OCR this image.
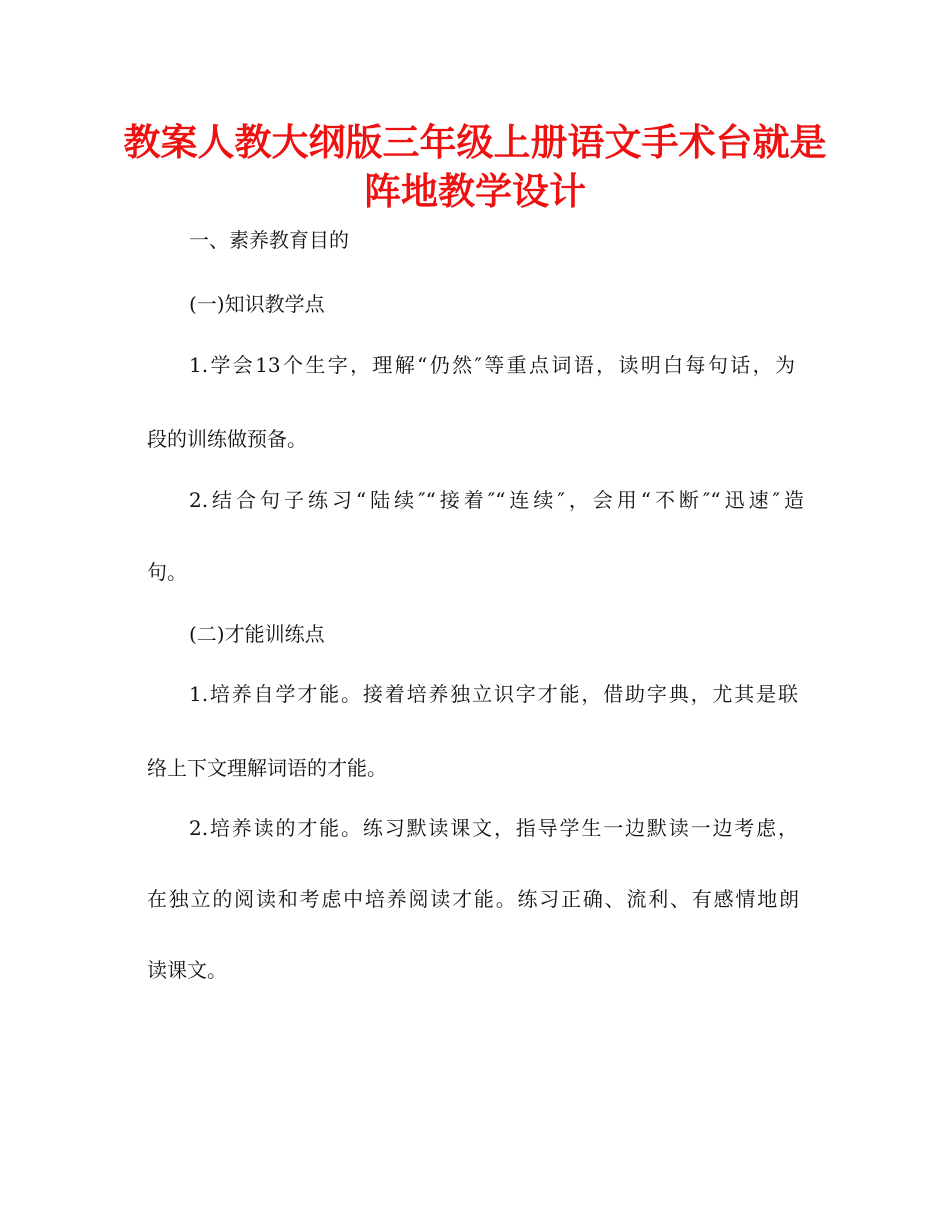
教案人教大纲版三年级上册语文手术台就是阵地教学设计

一、素养教育目的

(一)知识教学点

1.学会13个生字，理解“仍然″等重点词语，读明白每句话，为

段的训练做预备。

2.结合句子练习“陆续″“接着″“连续″，会用“不断″“迅速″造

句。

(二)才能训练点

1.培养自学才能。接着培养独立识字才能，借助字典，尤其是联

络上下文理解词语的才能。

2.培养读的才能。练习默读课文，指导学生一边默读一边考虑，

在独立的阅读和考虑中培养阅读才能。练习正确、流利、有感情地朗

读课文。
